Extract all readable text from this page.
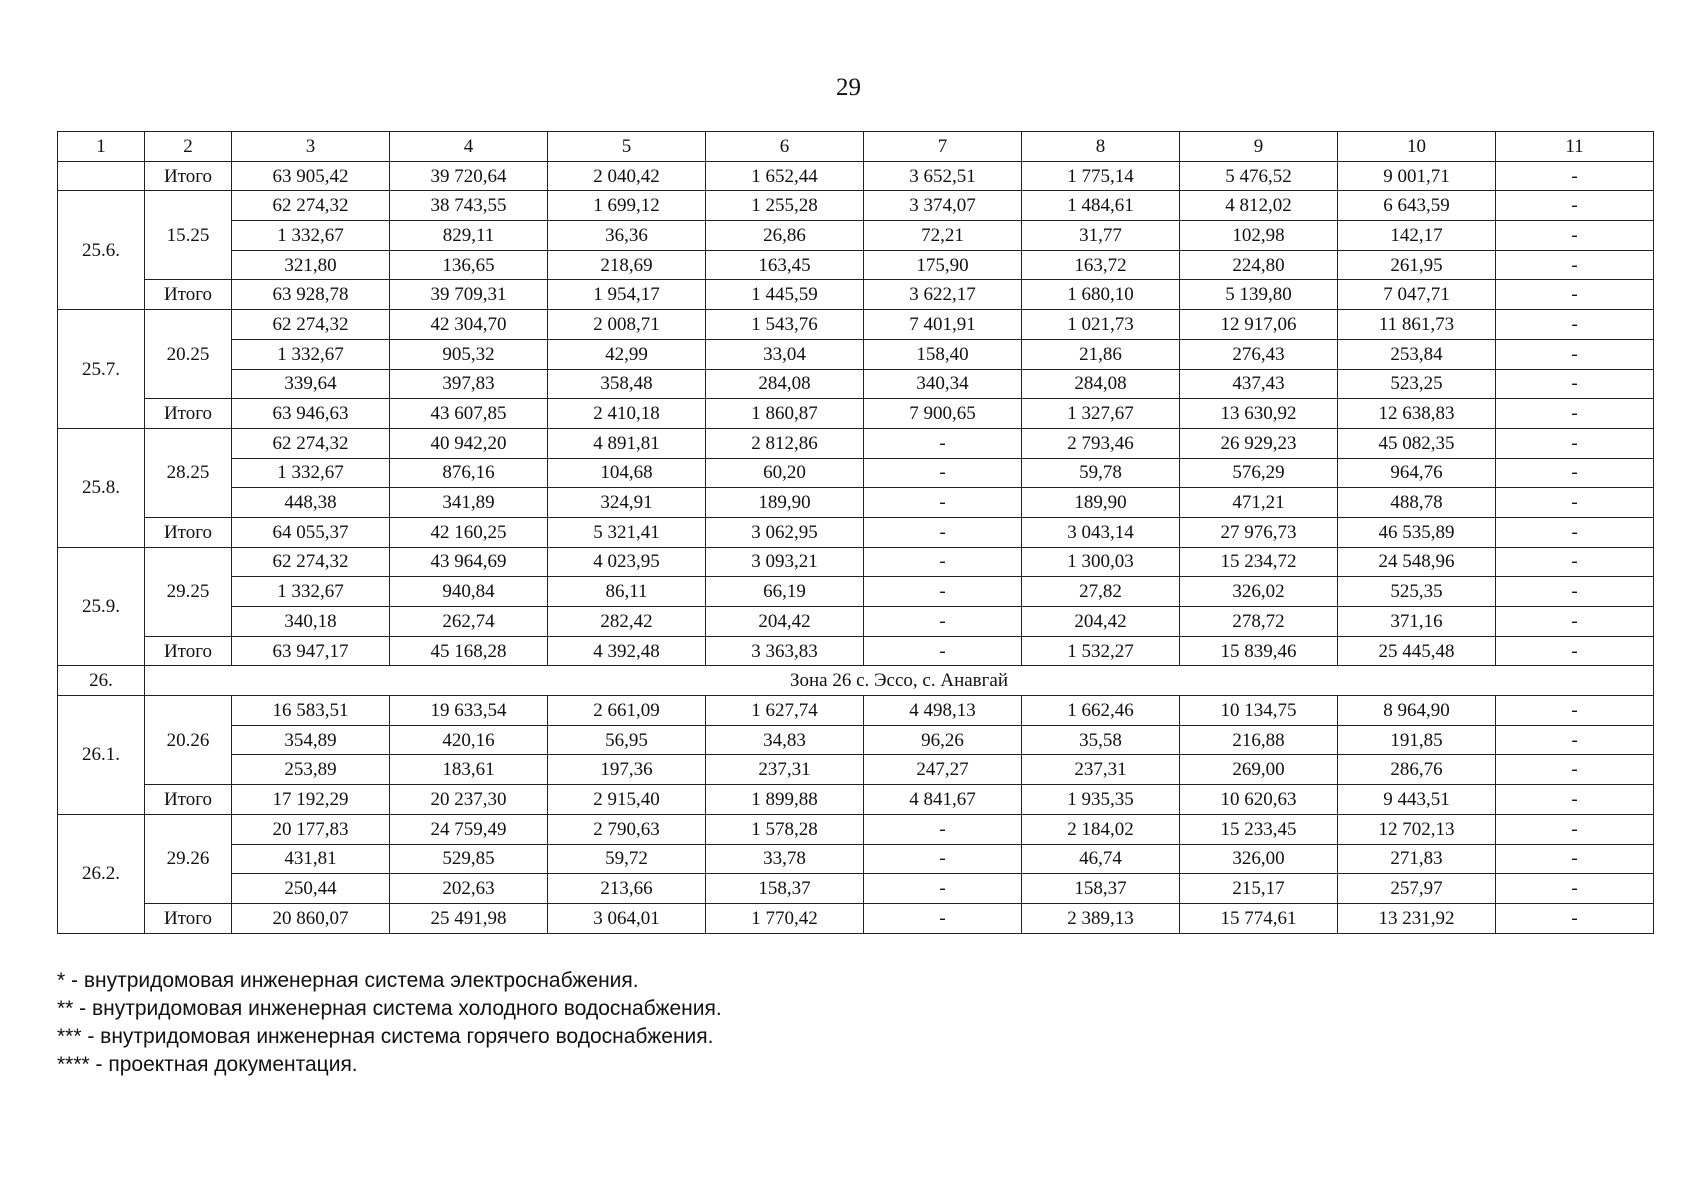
29
1	2	3	4	5	6	7	8	9	10	11
	Итого	63 905,42	39 720,64	2 040,42	1 652,44	3 652,51	1 775,14	5 476,52	9 001,71	-
25.6.	15.25	62 274,32	38 743,55	1 699,12	1 255,28	3 374,07	1 484,61	4 812,02	6 643,59	-
		1 332,67	829,11	36,36	26,86	72,21	31,77	102,98	142,17	-
		321,80	136,65	218,69	163,45	175,90	163,72	224,80	261,95	-
	Итого	63 928,78	39 709,31	1 954,17	1 445,59	3 622,17	1 680,10	5 139,80	7 047,71	-
25.7.	20.25	62 274,32	42 304,70	2 008,71	1 543,76	7 401,91	1 021,73	12 917,06	11 861,73	-
		1 332,67	905,32	42,99	33,04	158,40	21,86	276,43	253,84	-
		339,64	397,83	358,48	284,08	340,34	284,08	437,43	523,25	-
	Итого	63 946,63	43 607,85	2 410,18	1 860,87	7 900,65	1 327,67	13 630,92	12 638,83	-
25.8.	28.25	62 274,32	40 942,20	4 891,81	2 812,86	-	2 793,46	26 929,23	45 082,35	-
		1 332,67	876,16	104,68	60,20	-	59,78	576,29	964,76	-
		448,38	341,89	324,91	189,90	-	189,90	471,21	488,78	-
	Итого	64 055,37	42 160,25	5 321,41	3 062,95	-	3 043,14	27 976,73	46 535,89	-
25.9.	29.25	62 274,32	43 964,69	4 023,95	3 093,21	-	1 300,03	15 234,72	24 548,96	-
		1 332,67	940,84	86,11	66,19	-	27,82	326,02	525,35	-
		340,18	262,74	282,42	204,42	-	204,42	278,72	371,16	-
	Итого	63 947,17	45 168,28	4 392,48	3 363,83	-	1 532,27	15 839,46	25 445,48	-
26.	Зона 26 с. Эссо, с. Анавгай									
26.1.	20.26	16 583,51	19 633,54	2 661,09	1 627,74	4 498,13	1 662,46	10 134,75	8 964,90	-
		354,89	420,16	56,95	34,83	96,26	35,58	216,88	191,85	-
		253,89	183,61	197,36	237,31	247,27	237,31	269,00	286,76	-
	Итого	17 192,29	20 237,30	2 915,40	1 899,88	4 841,67	1 935,35	10 620,63	9 443,51	-
26.2.	29.26	20 177,83	24 759,49	2 790,63	1 578,28	-	2 184,02	15 233,45	12 702,13	-
		431,81	529,85	59,72	33,78	-	46,74	326,00	271,83	-
		250,44	202,63	213,66	158,37	-	158,37	215,17	257,97	-
	Итого	20 860,07	25 491,98	3 064,01	1 770,42	-	2 389,13	15 774,61	13 231,92	-
* - внутридомовая инженерная система электроснабжения.
** - внутридомовая инженерная система холодного водоснабжения.
*** - внутридомовая инженерная система горячего водоснабжения.
**** - проектная документация.
